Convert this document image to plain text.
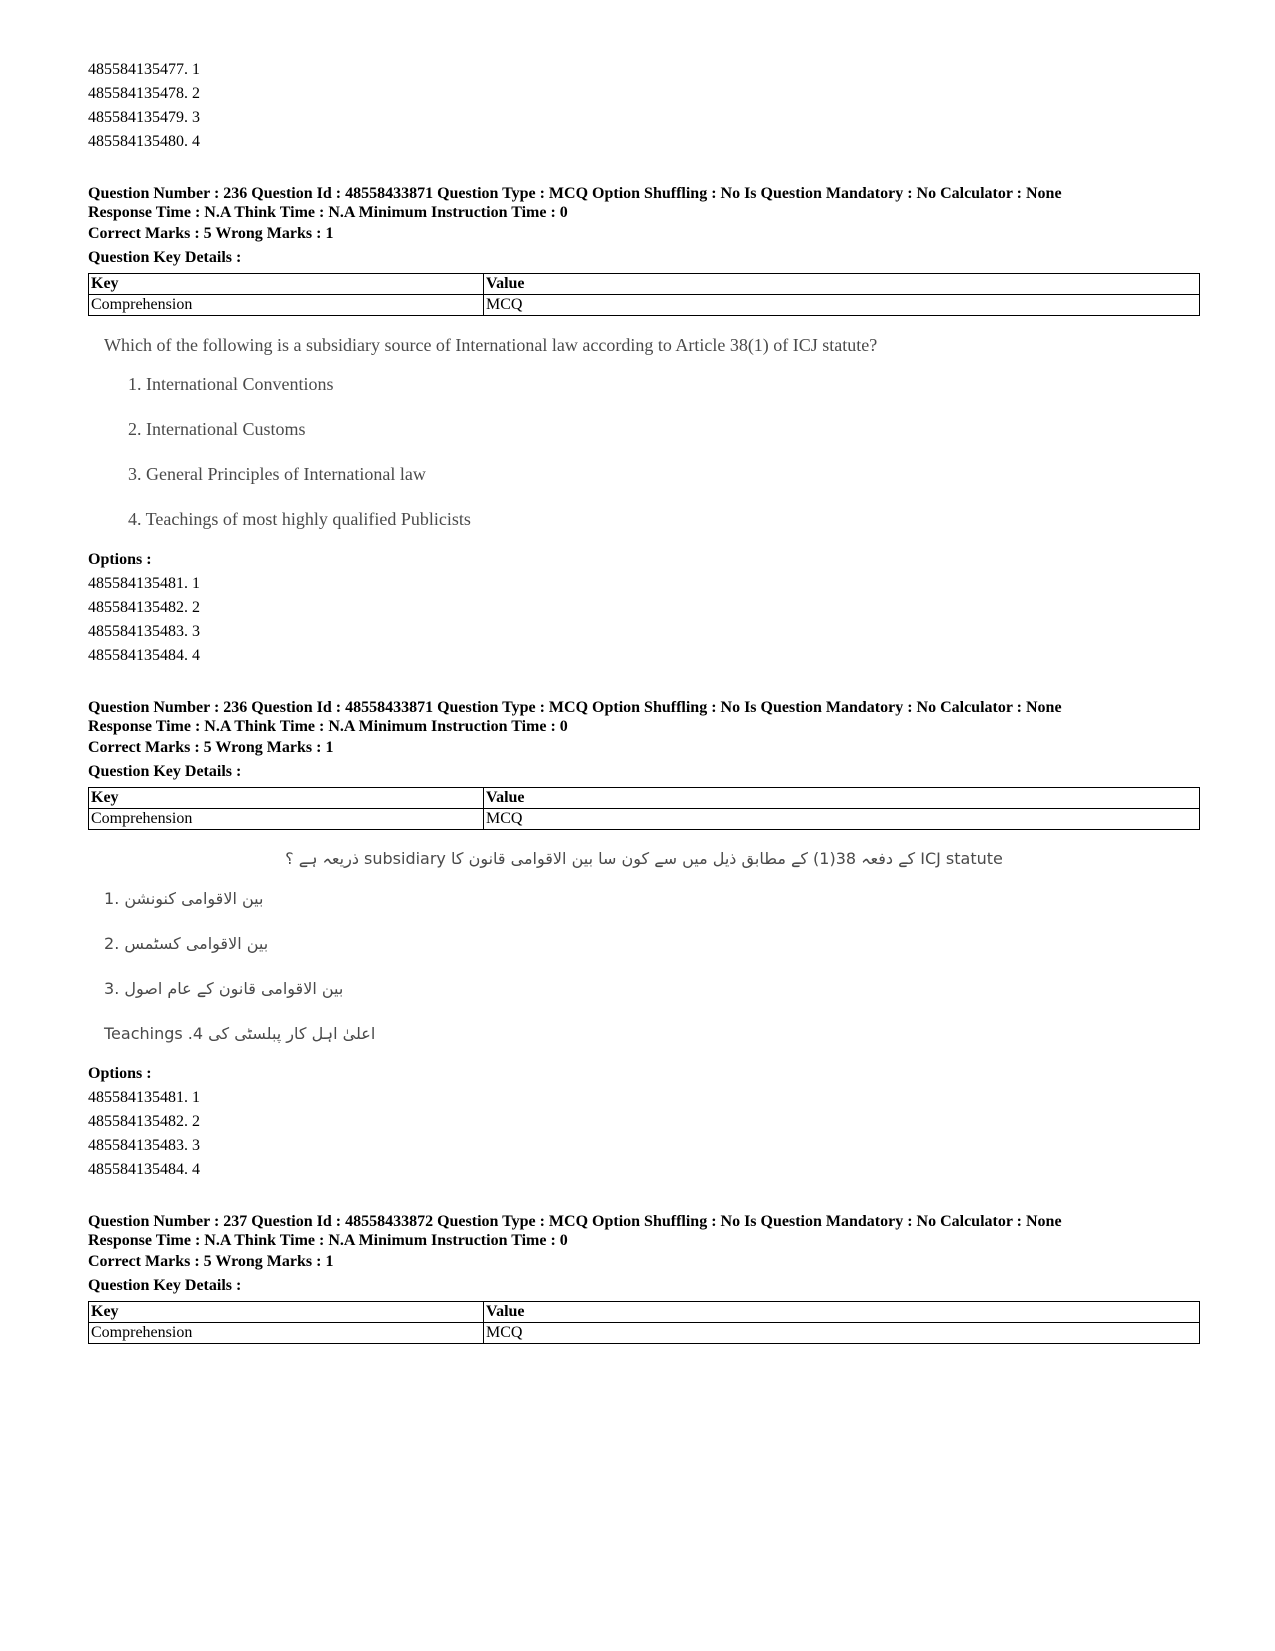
485584135477. 1
485584135478. 2
485584135479. 3
485584135480. 4
Question Number : 236 Question Id : 48558433871 Question Type : MCQ Option Shuffling : No Is Question Mandatory : No Calculator : None
Response Time : N.A Think Time : N.A Minimum Instruction Time : 0
Correct Marks : 5 Wrong Marks : 1
Question Key Details :
Key	Value
Comprehension	MCQ
Which of the following is a subsidiary source of International law according to Article 38(1) of ICJ statute?
1. International Conventions
2. International Customs
3. General Principles of International law
4. Teachings of most highly qualified Publicists
Options :
485584135481. 1
485584135482. 2
485584135483. 3
485584135484. 4
Question Number : 236 Question Id : 48558433871 Question Type : MCQ Option Shuffling : No Is Question Mandatory : No Calculator : None
Response Time : N.A Think Time : N.A Minimum Instruction Time : 0
Correct Marks : 5 Wrong Marks : 1
Question Key Details :
Key	Value
Comprehension	MCQ
ICJ statute کے دفعہ 38(1) کے مطابق ذیل میں سے کون سا بین الاقوامی قانون کا subsidiary ذریعہ ہے ؟
بین الاقوامی کنونشن .1
بین الاقوامی کسٹمس .2
بین الاقوامی قانون کے عام اصول .3
اعلیٰ اہل کار پبلسٹی کی Teachings .4
Options :
485584135481. 1
485584135482. 2
485584135483. 3
485584135484. 4
Question Number : 237 Question Id : 48558433872 Question Type : MCQ Option Shuffling : No Is Question Mandatory : No Calculator : None
Response Time : N.A Think Time : N.A Minimum Instruction Time : 0
Correct Marks : 5 Wrong Marks : 1
Question Key Details :
Key	Value
Comprehension	MCQ
